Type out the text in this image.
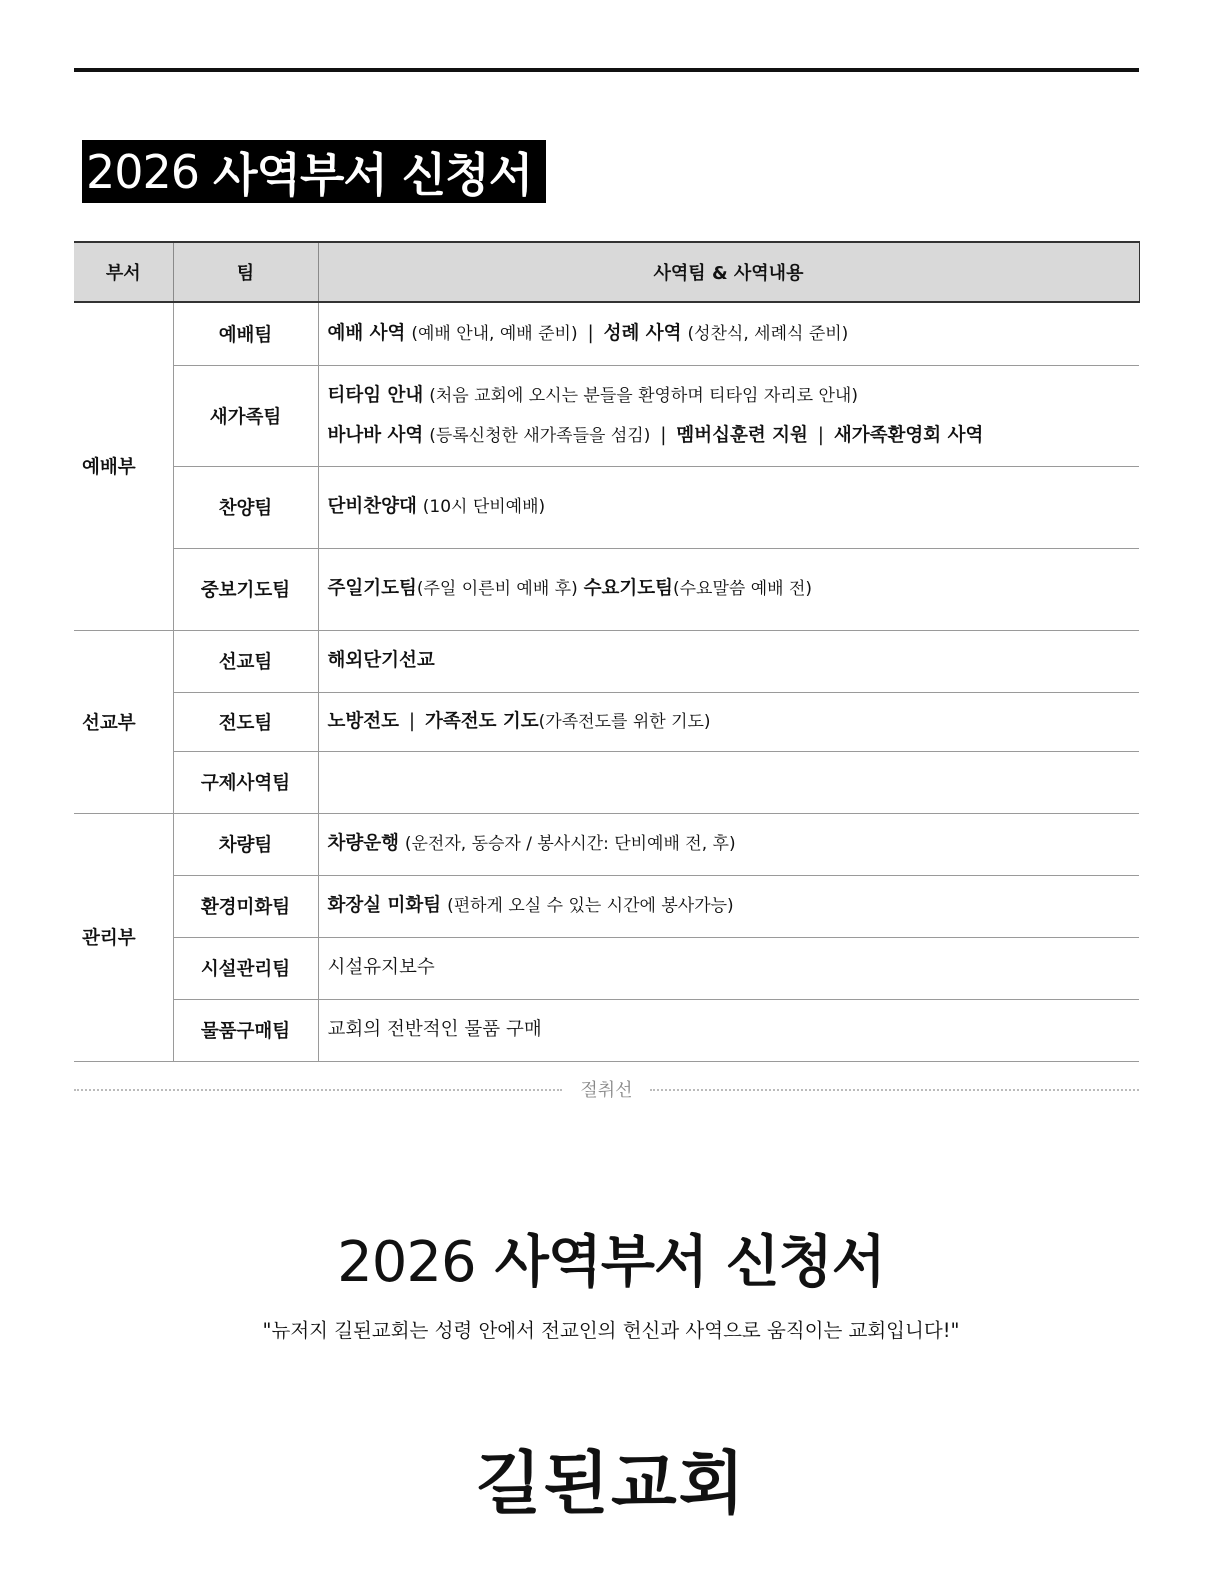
2026 사역부서 신청서
부서	팀	사역팀 & 사역내용
예배부	예배팀	예배 사역 (예배 안내, 예배 준비) | 성례 사역 (성찬식, 세례식 준비)
	새가족팀	티타임 안내 (처음 교회에 오시는 분들을 환영하며 티타임 자리로 안내)
바나바 사역 (등록신청한 새가족들을 섬김) | 멤버십훈련 지원 | 새가족환영회 사역

	찬양팀	단비찬양대 (10시 단비예배)
	중보기도팀	주일기도팀(주일 이른비 예배 후) 수요기도팀(수요말씀 예배 전)
선교부	선교팀	해외단기선교
	전도팀	노방전도 | 가족전도 기도(가족전도를 위한 기도)
	구제사역팀	
관리부	차량팀	차량운행 (운전자, 동승자 / 봉사시간: 단비예배 전, 후)
	환경미화팀	화장실 미화팀 (편하게 오실 수 있는 시간에 봉사가능)
	시설관리팀	시설유지보수
	물품구매팀	교회의 전반적인 물품 구매
절취선
2026 사역부서 신청서
"뉴저지 길된교회는 성령 안에서 전교인의 헌신과 사역으로 움직이는 교회입니다!"
길된교회
